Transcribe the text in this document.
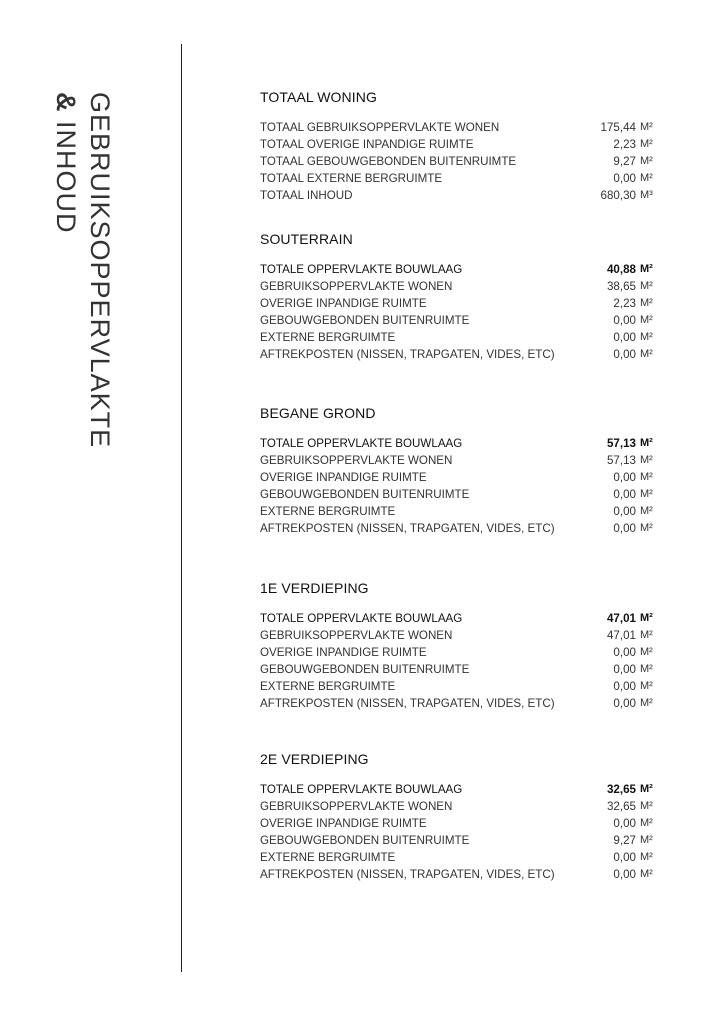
GEBRUIKSOPPERVLAKTE
& INHOUD
TOTAAL WONING
TOTAAL GEBRUIKSOPPERVLAKTE WONEN	175,44 M²
TOTAAL OVERIGE INPANDIGE RUIMTE	2,23 M²
TOTAAL GEBOUWGEBONDEN BUITENRUIMTE	9,27 M²
TOTAAL EXTERNE BERGRUIMTE	0,00 M²
TOTAAL INHOUD	680,30 M³
SOUTERRAIN
TOTALE OPPERVLAKTE BOUWLAAG	40,88 M²
GEBRUIKSOPPERVLAKTE WONEN	38,65 M²
OVERIGE INPANDIGE RUIMTE	2,23 M²
GEBOUWGEBONDEN BUITENRUIMTE	0,00 M²
EXTERNE BERGRUIMTE	0,00 M²
AFTREKPOSTEN (NISSEN, TRAPGATEN, VIDES, ETC)	0,00 M²
BEGANE GROND
TOTALE OPPERVLAKTE BOUWLAAG	57,13 M²
GEBRUIKSOPPERVLAKTE WONEN	57,13 M²
OVERIGE INPANDIGE RUIMTE	0,00 M²
GEBOUWGEBONDEN BUITENRUIMTE	0,00 M²
EXTERNE BERGRUIMTE	0,00 M²
AFTREKPOSTEN (NISSEN, TRAPGATEN, VIDES, ETC)	0,00 M²
1E VERDIEPING
TOTALE OPPERVLAKTE BOUWLAAG	47,01 M²
GEBRUIKSOPPERVLAKTE WONEN	47,01 M²
OVERIGE INPANDIGE RUIMTE	0,00 M²
GEBOUWGEBONDEN BUITENRUIMTE	0,00 M²
EXTERNE BERGRUIMTE	0,00 M²
AFTREKPOSTEN (NISSEN, TRAPGATEN, VIDES, ETC)	0,00 M²
2E VERDIEPING
TOTALE OPPERVLAKTE BOUWLAAG	32,65 M²
GEBRUIKSOPPERVLAKTE WONEN	32,65 M²
OVERIGE INPANDIGE RUIMTE	0,00 M²
GEBOUWGEBONDEN BUITENRUIMTE	9,27 M²
EXTERNE BERGRUIMTE	0,00 M²
AFTREKPOSTEN (NISSEN, TRAPGATEN, VIDES, ETC)	0,00 M²
